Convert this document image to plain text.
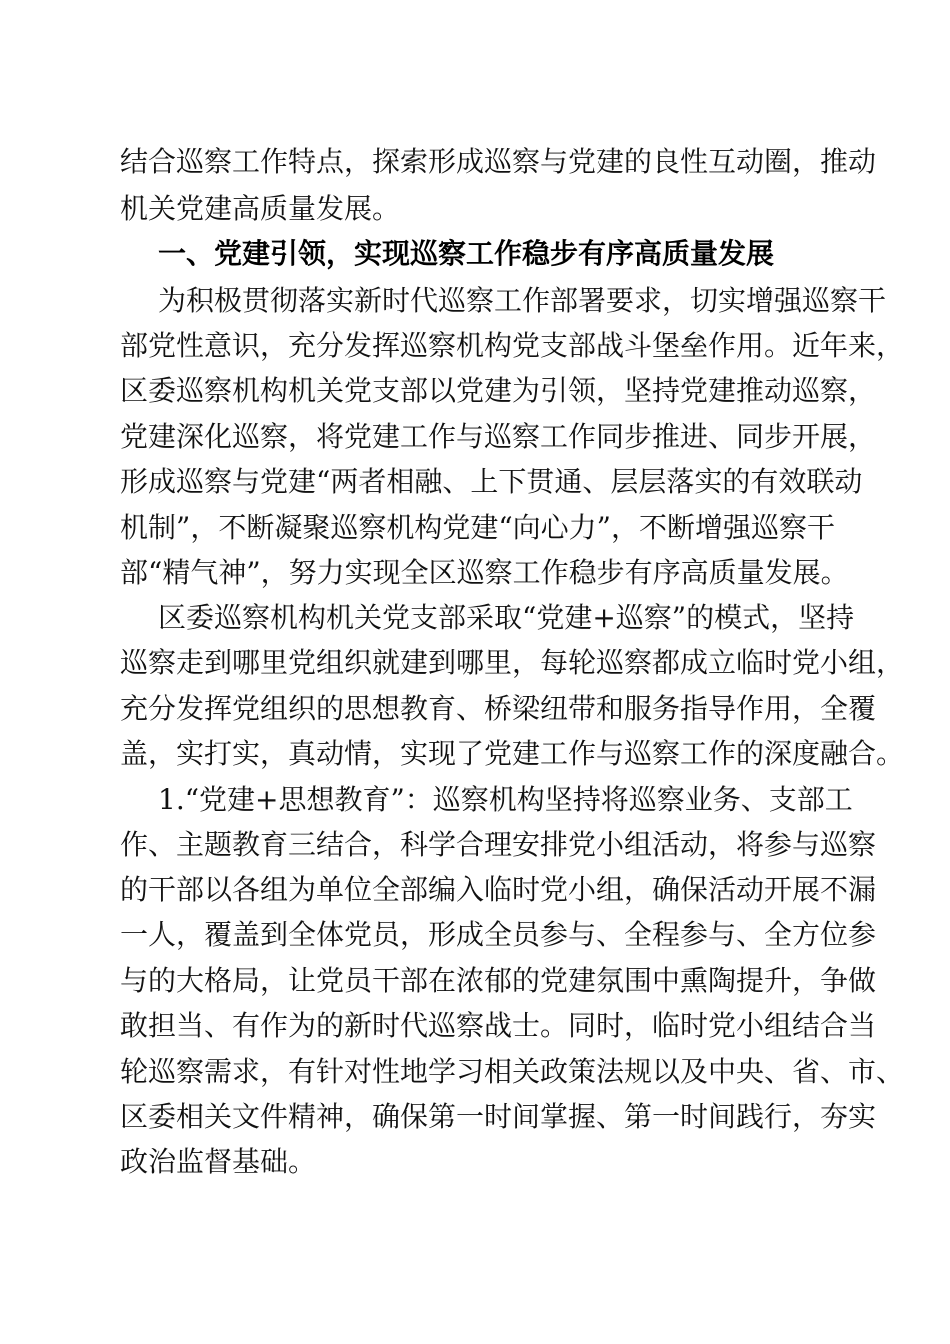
结合巡察工作特点，探索形成巡察与党建的良性互动圈，推动
机关党建高质量发展。
一、党建引领，实现巡察工作稳步有序高质量发展
为积极贯彻落实新时代巡察工作部署要求，切实增强巡察干
部党性意识，充分发挥巡察机构党支部战斗堡垒作用。近年来，
区委巡察机构机关党支部以党建为引领，坚持党建推动巡察，
党建深化巡察，将党建工作与巡察工作同步推进、同步开展，
形成巡察与党建“两者相融、上下贯通、层层落实的有效联动
机制”，不断凝聚巡察机构党建“向心力”，不断增强巡察干
部“精气神”，努力实现全区巡察工作稳步有序高质量发展。
区委巡察机构机关党支部采取“党建+巡察”的模式，坚持
巡察走到哪里党组织就建到哪里，每轮巡察都成立临时党小组，
充分发挥党组织的思想教育、桥梁纽带和服务指导作用，全覆
盖，实打实，真动情，实现了党建工作与巡察工作的深度融合。
1.“党建+思想教育”：巡察机构坚持将巡察业务、支部工
作、主题教育三结合，科学合理安排党小组活动，将参与巡察
的干部以各组为单位全部编入临时党小组，确保活动开展不漏
一人，覆盖到全体党员，形成全员参与、全程参与、全方位参
与的大格局，让党员干部在浓郁的党建氛围中熏陶提升，争做
敢担当、有作为的新时代巡察战士。同时，临时党小组结合当
轮巡察需求，有针对性地学习相关政策法规以及中央、省、市、
区委相关文件精神，确保第一时间掌握、第一时间践行，夯实
政治监督基础。
